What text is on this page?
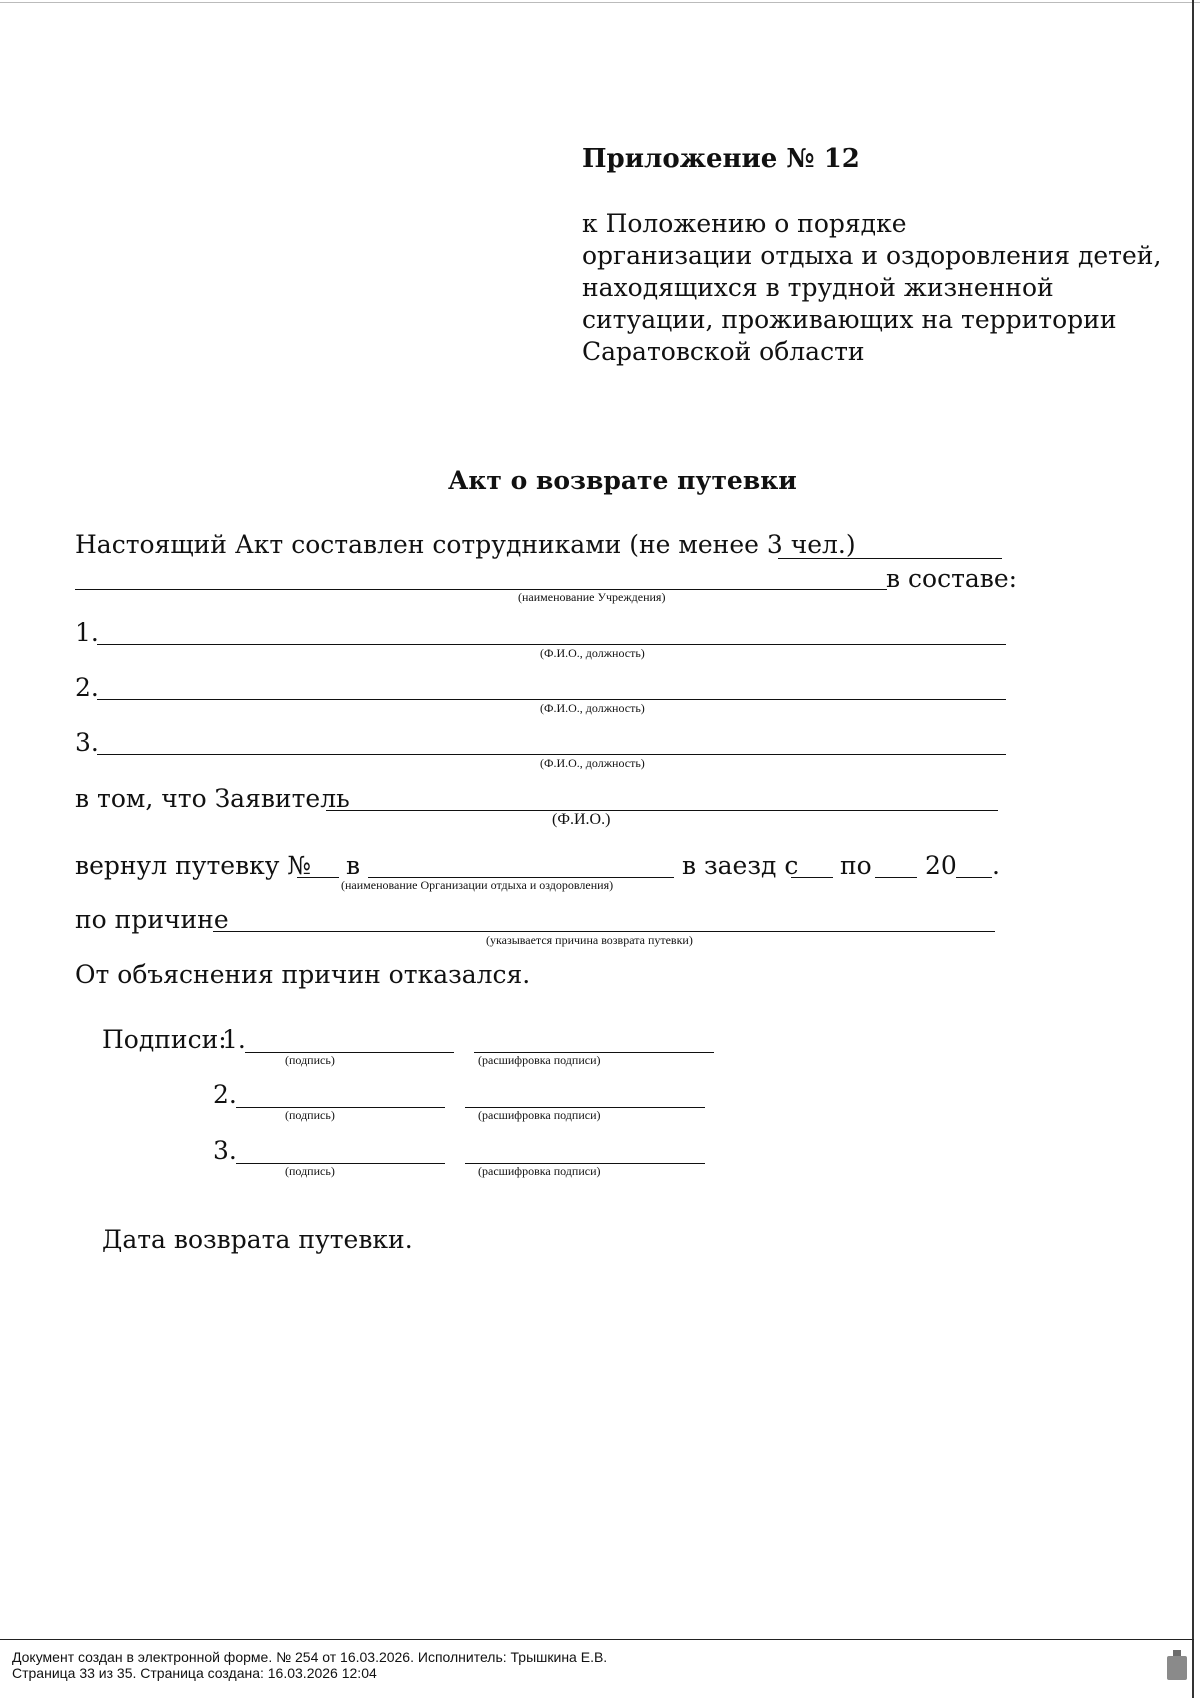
Приложение № 12
к Положению о порядке
организации отдыха и оздоровления детей,
находящихся в трудной жизненной
ситуации, проживающих на территории
Саратовской области
Акт о возврате путевки
Настоящий Акт составлен сотрудниками (не менее 3 чел.)
в составе:
(наименование Учреждения)
1.
(Ф.И.О., должность)
2.
(Ф.И.О., должность)
3.
(Ф.И.О., должность)
в том, что Заявитель
(Ф.И.О.)
вернул путевку № в
(наименование Организации отдыха и оздоровления)
в заезд с по 20 .
по причине
(указывается причина возврата путевки)
От объяснения причин отказался.
Подписи:
1.
(подпись)	(расшифровка подписи)
2.
(подпись)	(расшифровка подписи)
3.
(подпись)	(расшифровка подписи)
Дата возврата путевки.
Документ создан в электронной форме. № 254 от 16.03.2026. Исполнитель: Трышкина Е.В.
Страница 33 из 35. Страница создана: 16.03.2026 12:04
